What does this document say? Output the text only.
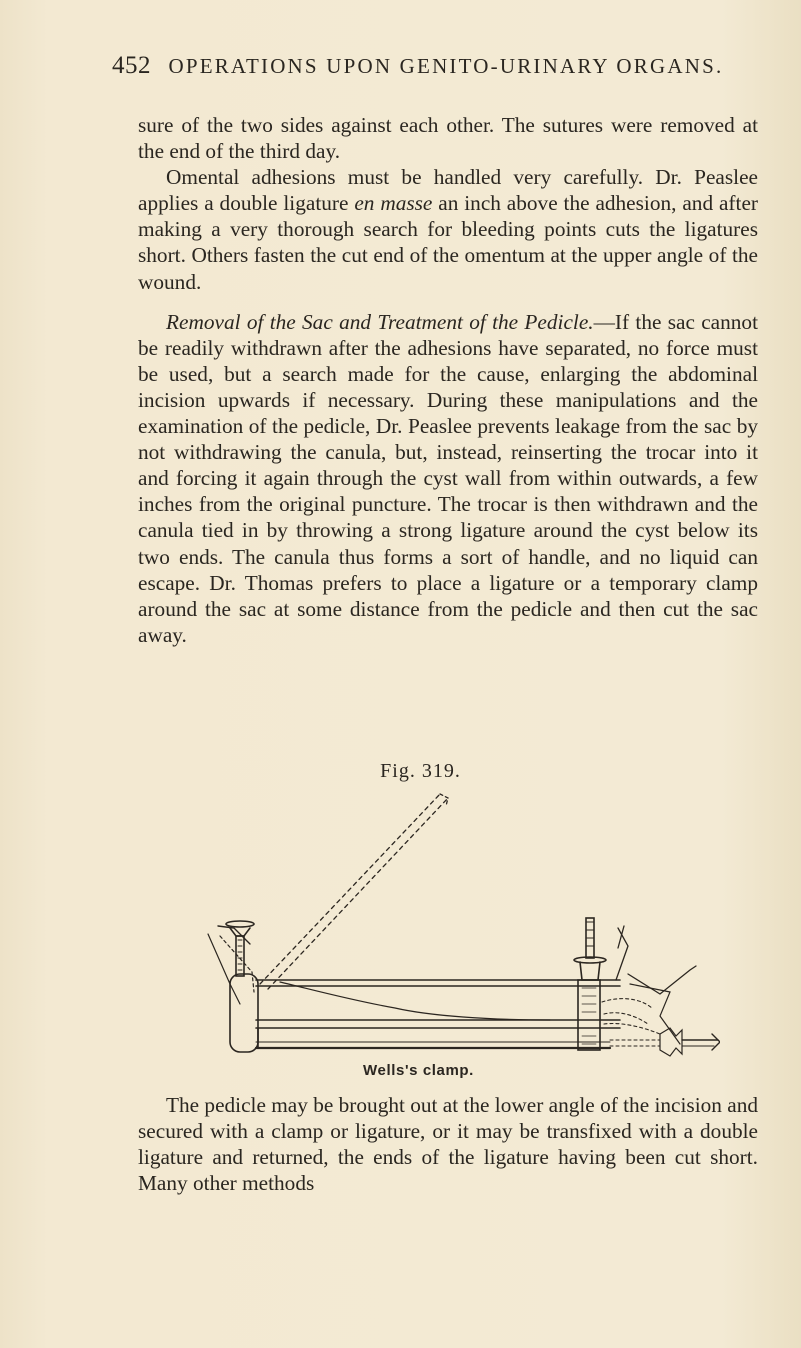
452 OPERATIONS UPON GENITO-URINARY ORGANS.

sure of the two sides against each other. The sutures were removed at the end of the third day.

Omental adhesions must be handled very carefully. Dr. Peaslee applies a double ligature en masse an inch above the adhesion, and after making a very thorough search for bleeding points cuts the ligatures short. Others fasten the cut end of the omentum at the upper angle of the wound.

Removal of the Sac and Treatment of the Pedicle.—If the sac cannot be readily withdrawn after the adhesions have separated, no force must be used, but a search made for the cause, enlarging the abdominal incision upwards if necessary. During these manipulations and the examination of the pedicle, Dr. Peaslee prevents leakage from the sac by not withdrawing the canula, but, instead, reinserting the trocar into it and forcing it again through the cyst wall from within outwards, a few inches from the original puncture. The trocar is then withdrawn and the canula tied in by throwing a strong ligature around the cyst below its two ends. The canula thus forms a sort of handle, and no liquid can escape. Dr. Thomas prefers to place a ligature or a temporary clamp around the sac at some distance from the pedicle and then cut the sac away.

Fig. 319.
Wells's clamp.

The pedicle may be brought out at the lower angle of the incision and secured with a clamp or ligature, or it may be transfixed with a double ligature and returned, the ends of the ligature having been cut short. Many other methods
